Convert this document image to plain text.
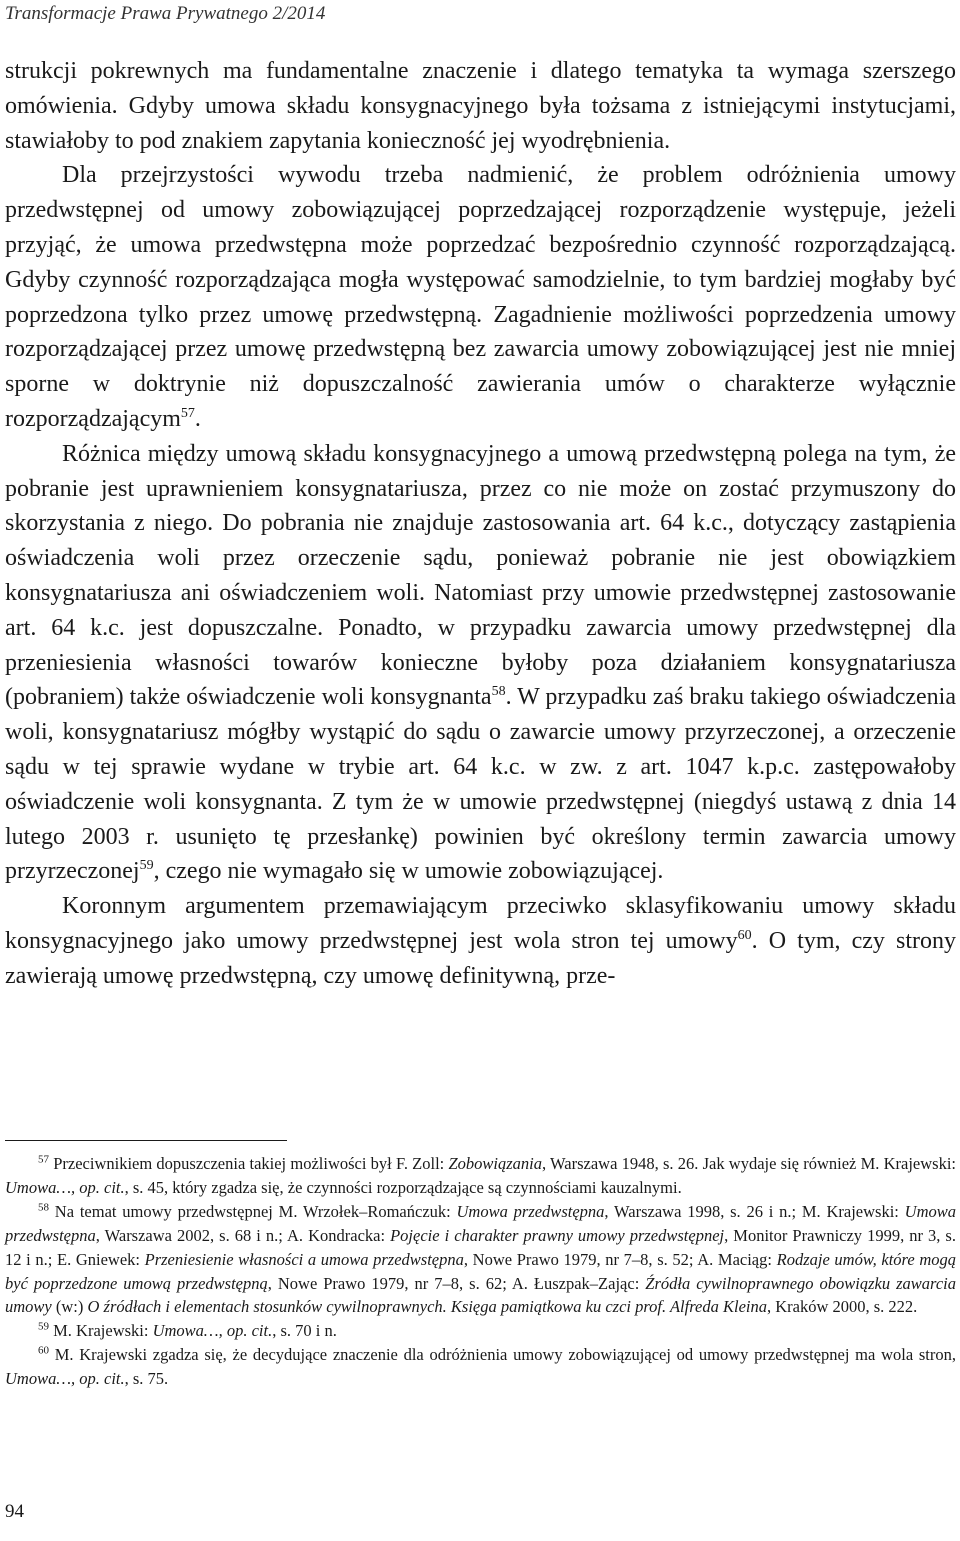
Transformacje Prawa Prywatnego 2/2014

strukcji pokrewnych ma fundamentalne znaczenie i dlatego tematyka ta wymaga szerszego omówienia. Gdyby umowa składu konsygnacyjnego była tożsama z istniejącymi instytucjami, stawiałoby to pod znakiem zapytania konieczność jej wyodrębnienia.

Dla przejrzystości wywodu trzeba nadmienić, że problem odróżnienia umowy przedwstępnej od umowy zobowiązującej poprzedzającej rozporządzenie występuje, jeżeli przyjąć, że umowa przedwstępna może poprzedzać bezpośrednio czynność rozporządzającą. Gdyby czynność rozporządzająca mogła występować samodzielnie, to tym bardziej mogłaby być poprzedzona tylko przez umowę przedwstępną. Zagadnienie możliwości poprzedzenia umowy rozporządzającej przez umowę przedwstępną bez zawarcia umowy zobowiązującej jest nie mniej sporne w doktrynie niż dopuszczalność zawierania umów o charakterze wyłącznie rozporządzającym$^{57}$.

Różnica między umową składu konsygnacyjnego a umową przedwstępną polega na tym, że pobranie jest uprawnieniem konsygnatariusza, przez co nie może on zostać przymuszony do skorzystania z niego. Do pobrania nie znajduje zastosowania art. 64 k.c., dotyczący zastąpienia oświadczenia woli przez orzeczenie sądu, ponieważ pobranie nie jest obowiązkiem konsygnatariusza ani oświadczeniem woli. Natomiast przy umowie przedwstępnej zastosowanie art. 64 k.c. jest dopuszczalne. Ponadto, w przypadku zawarcia umowy przedwstępnej dla przeniesienia własności towarów konieczne byłoby poza działaniem konsygnatariusza (pobraniem) także oświadczenie woli konsygnanta$^{58}$. W przypadku zaś braku takiego oświadczenia woli, konsygnatariusz mógłby wystąpić do sądu o zawarcie umowy przyrzeczonej, a orzeczenie sądu w tej sprawie wydane w trybie art. 64 k.c. w zw. z art. 1047 k.p.c. zastępowałoby oświadczenie woli konsygnanta. Z tym że w umowie przedwstępnej (niegdyś ustawą z dnia 14 lutego 2003 r. usunięto tę przesłankę) powinien być określony termin zawarcia umowy przyrzeczonej$^{59}$, czego nie wymagało się w umowie zobowiązującej.

Koronnym argumentem przemawiającym przeciwko sklasyfikowaniu umowy składu konsygnacyjnego jako umowy przedwstępnej jest wola stron tej umowy$^{60}$. O tym, czy strony zawierają umowę przedwstępną, czy umowę definitywną, prze-

$^{57}$ Przeciwnikiem dopuszczenia takiej możliwości był F. Zoll: Zobowiązania, Warszawa 1948, s. 26. Jak wydaje się również M. Krajewski: Umowa…, op. cit., s. 45, który zgadza się, że czynności rozporządzające są czynnościami kauzalnymi.

$^{58}$ Na temat umowy przedwstępnej M. Wrzołek–Romańczuk: Umowa przedwstępna, Warszawa 1998, s. 26 i n.; M. Krajewski: Umowa przedwstępna, Warszawa 2002, s. 68 i n.; A. Kondracka: Pojęcie i charakter prawny umowy przedwstępnej, Monitor Prawniczy 1999, nr 3, s. 12 i n.; E. Gniewek: Przeniesienie własności a umowa przedwstępna, Nowe Prawo 1979, nr 7–8, s. 52; A. Maciąg: Rodzaje umów, które mogą być poprzedzone umową przedwstępną, Nowe Prawo 1979, nr 7–8, s. 62; A. Łuszpak–Zając: Źródła cywilnoprawnego obowiązku zawarcia umowy (w:) O źródłach i elementach stosunków cywilnoprawnych. Księga pamiątkowa ku czci prof. Alfreda Kleina, Kraków 2000, s. 222.

$^{59}$ M. Krajewski: Umowa…, op. cit., s. 70 i n.

$^{60}$ M. Krajewski zgadza się, że decydujące znaczenie dla odróżnienia umowy zobowiązującej od umowy przedwstępnej ma wola stron, Umowa…, op. cit., s. 75.

94
